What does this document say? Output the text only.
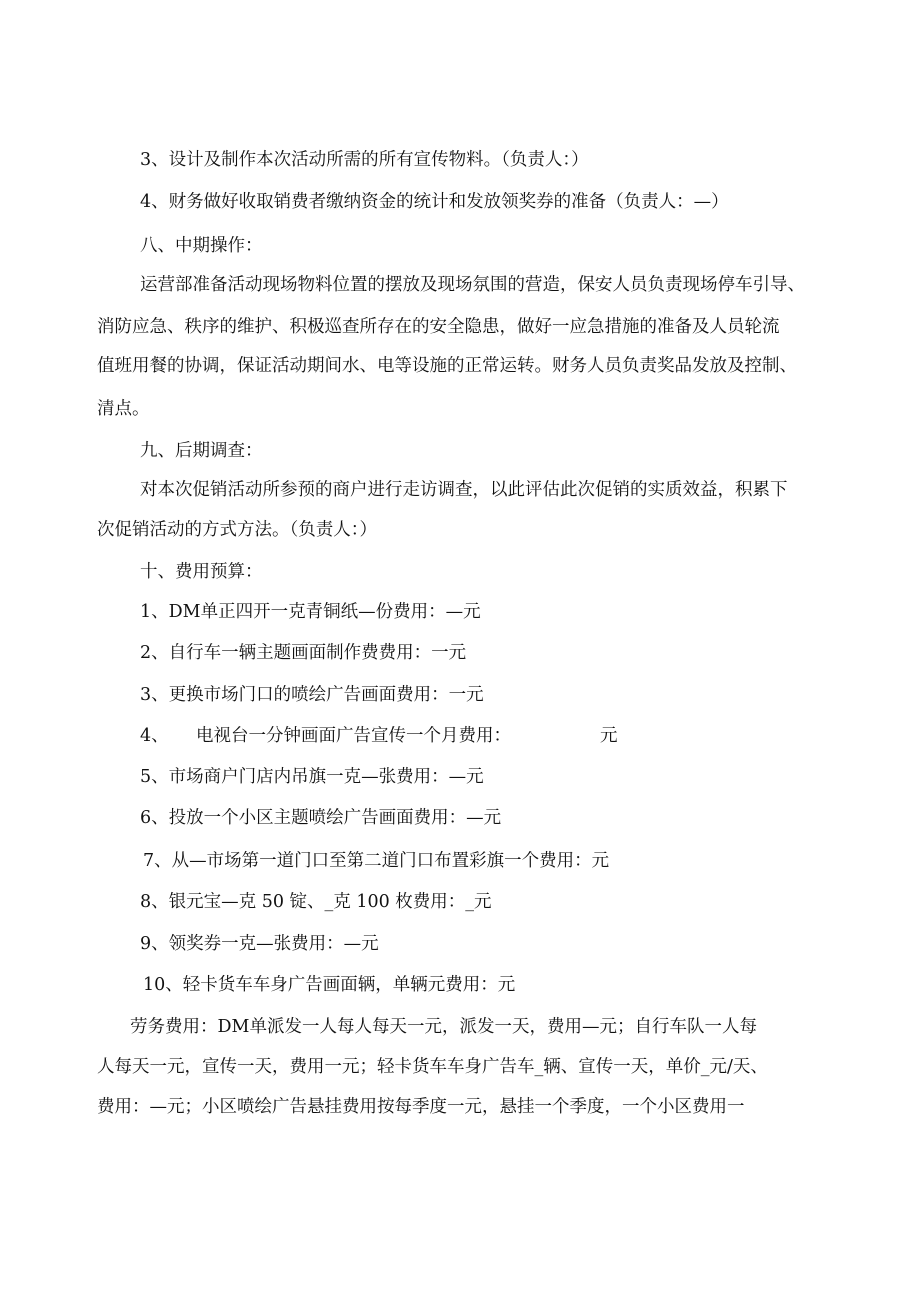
3、设计及制作本次活动所需的所有宣传物料。（负责人：）
4、财务做好收取销费者缴纳资金的统计和发放领奖券的准备（负责人：—）
八、中期操作：
运营部准备活动现场物料位置的摆放及现场氛围的营造，保安人员负责现场停车引导、
消防应急、秩序的维护、积极巡查所存在的安全隐患，做好一应急措施的准备及人员轮流
值班用餐的协调，保证活动期间水、电等设施的正常运转。财务人员负责奖品发放及控制、
清点。
九、后期调查：
对本次促销活动所参预的商户进行走访调查，以此评估此次促销的实质效益，积累下
次促销活动的方式方法。（负责人：）
十、费用预算：
1、DM单正四开一克青铜纸—份费用：—元
2、自行车一辆主题画面制作费费用：一元
3、更换市场门口的喷绘广告画面费用：一元
4、 电视台一分钟画面广告宣传一个月费用：	元
5、市场商户门店内吊旗一克—张费用：—元
6、投放一个小区主题喷绘广告画面费用：—元
7、从—市场第一道门口至第二道门口布置彩旗一个费用：元
8、银元宝—克 50 锭、_克 100 枚费用：_元
9、领奖券一克—张费用：—元
10、轻卡货车车身广告画面辆，单辆元费用：元
劳务费用：DM单派发一人每人每天一元，派发一天，费用—元；自行车队一人每
人每天一元，宣传一天，费用一元；轻卡货车车身广告车_辆、宣传一天，单价_元/天、
费用：—元；小区喷绘广告悬挂费用按每季度一元，悬挂一个季度，一个小区费用一
